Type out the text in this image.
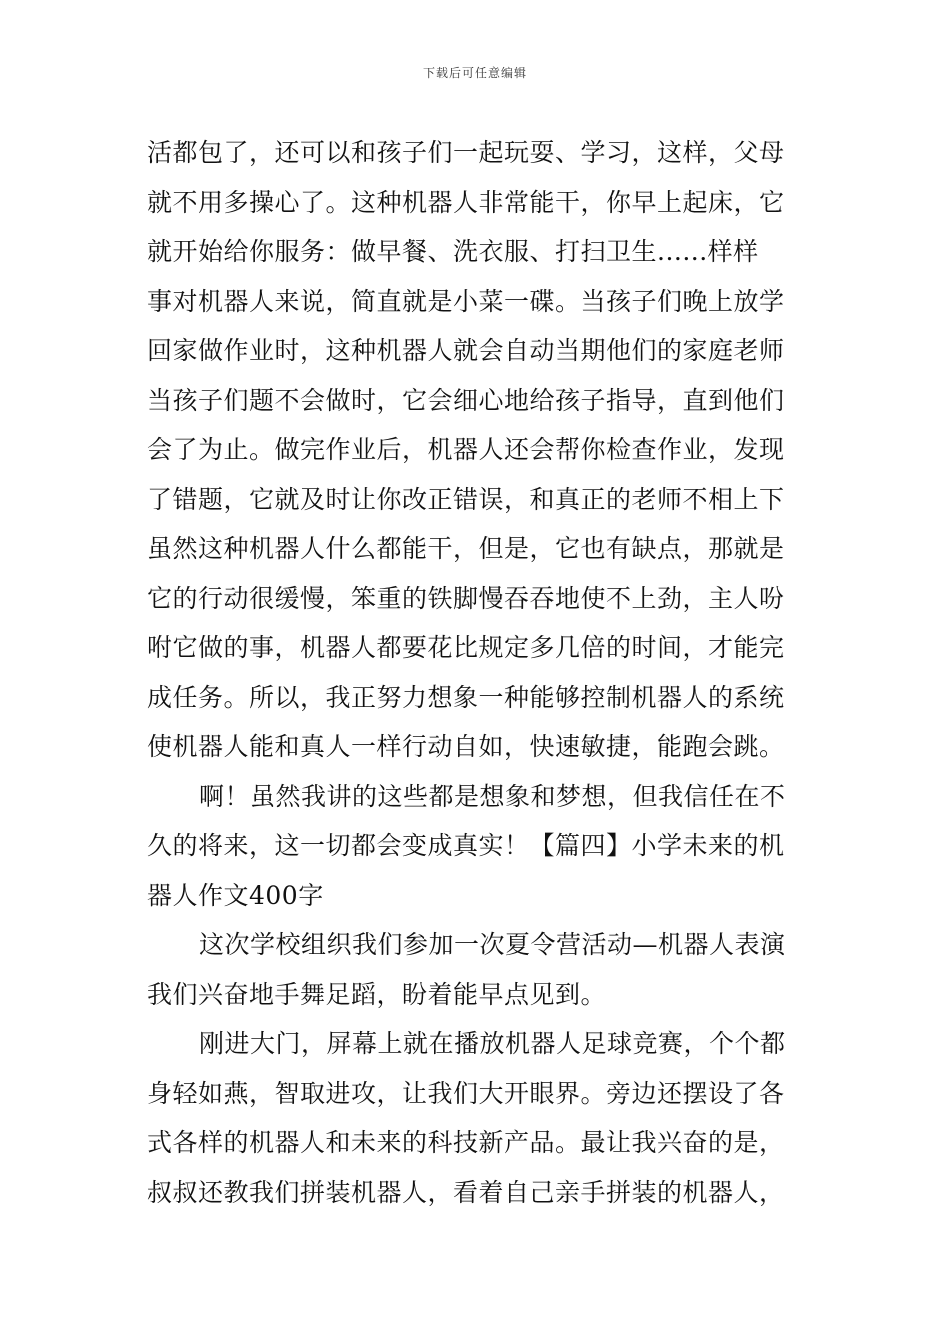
下载后可任意编辑
活都包了，还可以和孩子们一起玩耍、学习，这样，父母
就不用多操心了。这种机器人非常能干，你早上起床，它
就开始给你服务：做早餐、洗衣服、打扫卫生......样样
事对机器人来说，简直就是小菜一碟。当孩子们晚上放学
回家做作业时，这种机器人就会自动当期他们的家庭老师
当孩子们题不会做时，它会细心地给孩子指导，直到他们
会了为止。做完作业后，机器人还会帮你检查作业，发现
了错题，它就及时让你改正错误，和真正的老师不相上下
虽然这种机器人什么都能干，但是，它也有缺点，那就是
它的行动很缓慢，笨重的铁脚慢吞吞地使不上劲，主人吩
咐它做的事，机器人都要花比规定多几倍的时间，才能完
成任务。所以，我正努力想象一种能够控制机器人的系统
使机器人能和真人一样行动自如，快速敏捷，能跑会跳。
啊！虽然我讲的这些都是想象和梦想，但我信任在不
久的将来，这一切都会变成真实！【篇四】小学未来的机
器人作文400字
这次学校组织我们参加一次夏令营活动—机器人表演
我们兴奋地手舞足蹈，盼着能早点见到。
刚进大门，屏幕上就在播放机器人足球竞赛，个个都
身轻如燕，智取进攻，让我们大开眼界。旁边还摆设了各
式各样的机器人和未来的科技新产品。最让我兴奋的是，
叔叔还教我们拼装机器人，看着自己亲手拼装的机器人，
